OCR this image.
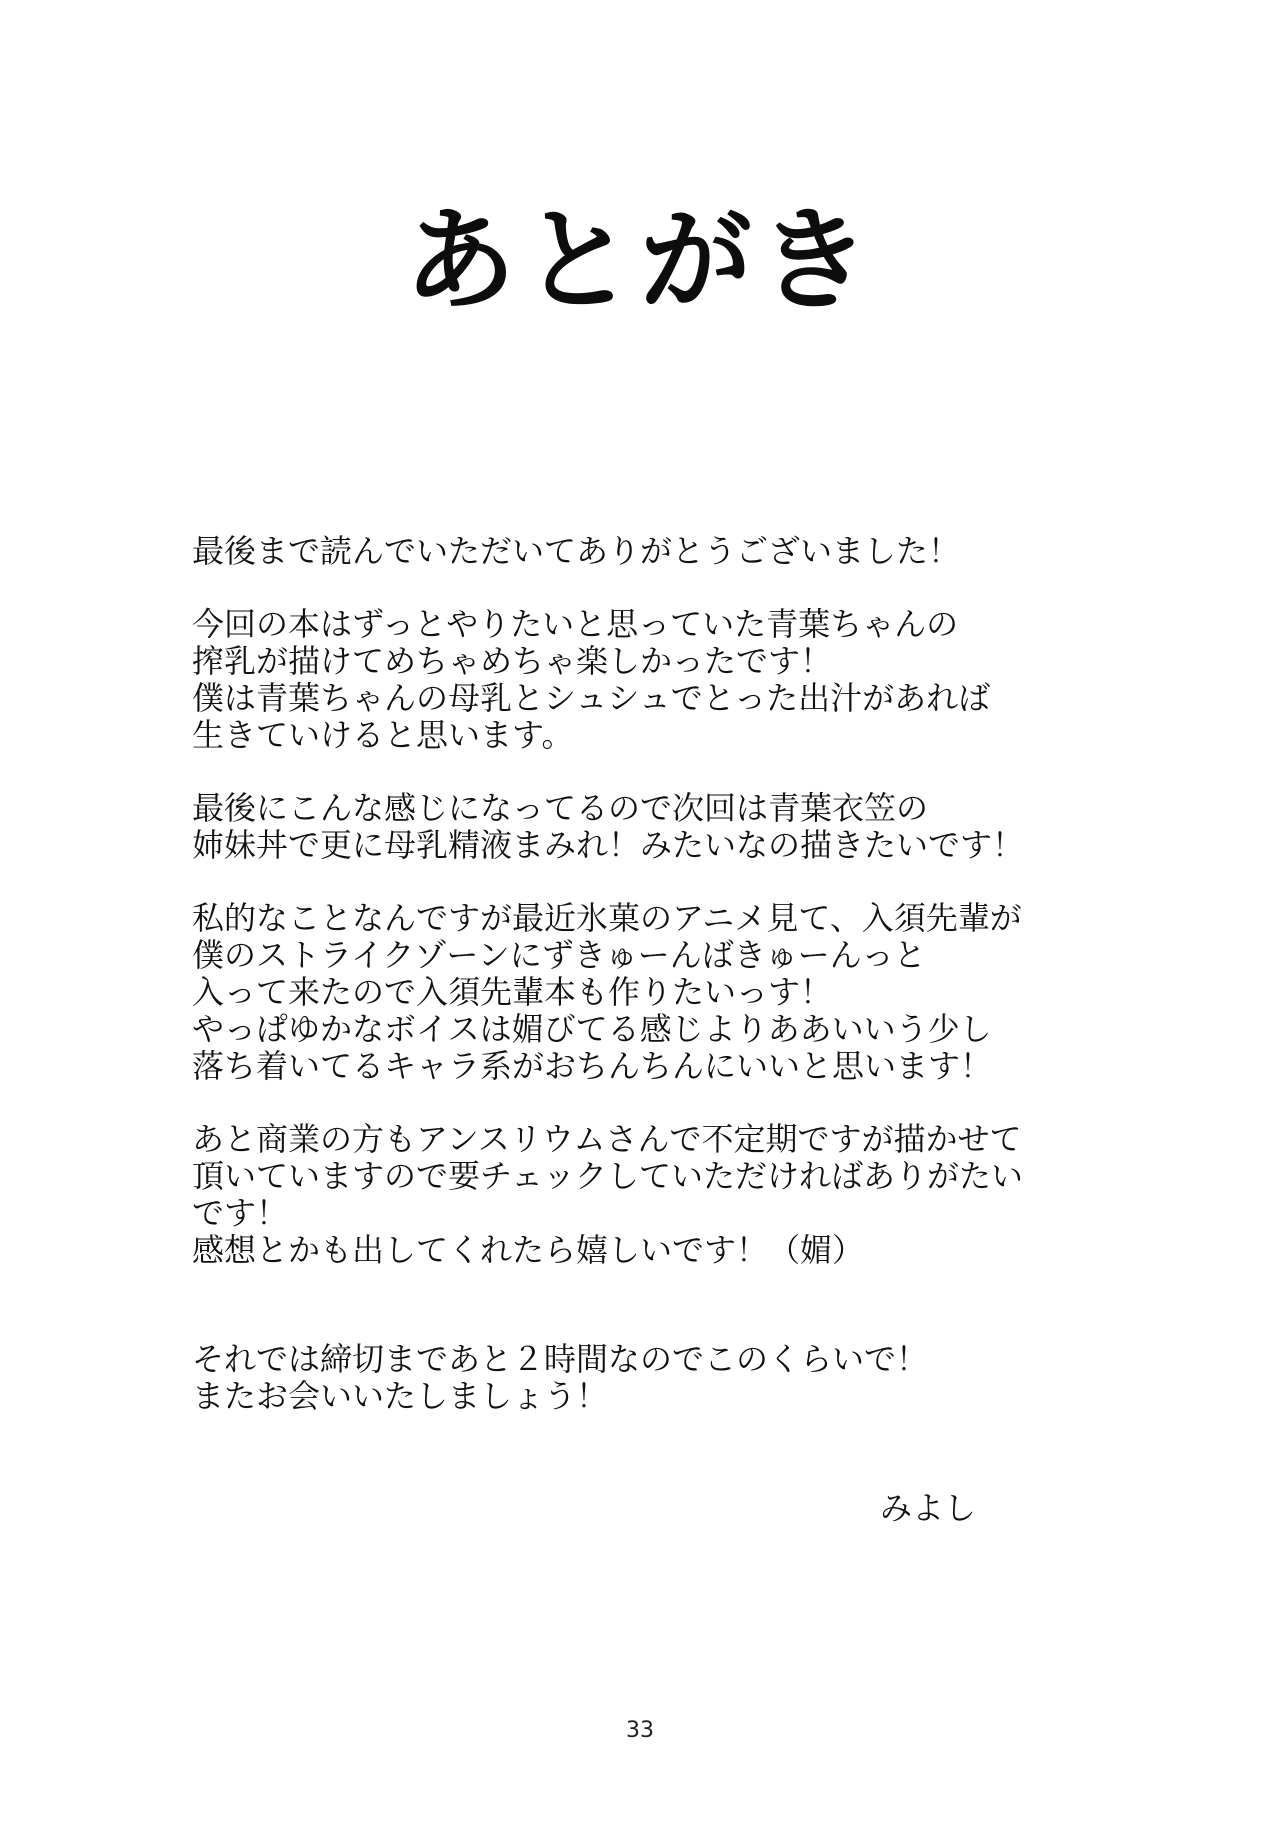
あとがき
最後まで読んでいただいてありがとうございました！
今回の本はずっとやりたいと思っていた青葉ちゃんの
搾乳が描けてめちゃめちゃ楽しかったです！
僕は青葉ちゃんの母乳とシュシュでとった出汁があれば
生きていけると思います。
最後にこんな感じになってるので次回は青葉衣笠の
姉妹丼で更に母乳精液まみれ！みたいなの描きたいです！
私的なことなんですが最近氷菓のアニメ見て、入須先輩が
僕のストライクゾーンにずきゅーんばきゅーんっと
入って来たので入須先輩本も作りたいっす！
やっぱゆかなボイスは媚びてる感じよりああいいう少し
落ち着いてるキャラ系がおちんちんにいいと思います！
あと商業の方もアンスリウムさんで不定期ですが描かせて
頂いていますので要チェックしていただければありがたい
です！
感想とかも出してくれたら嬉しいです！（媚）
それでは締切まであと２時間なのでこのくらいで！
またお会いいたしましょう！
みよし
33
